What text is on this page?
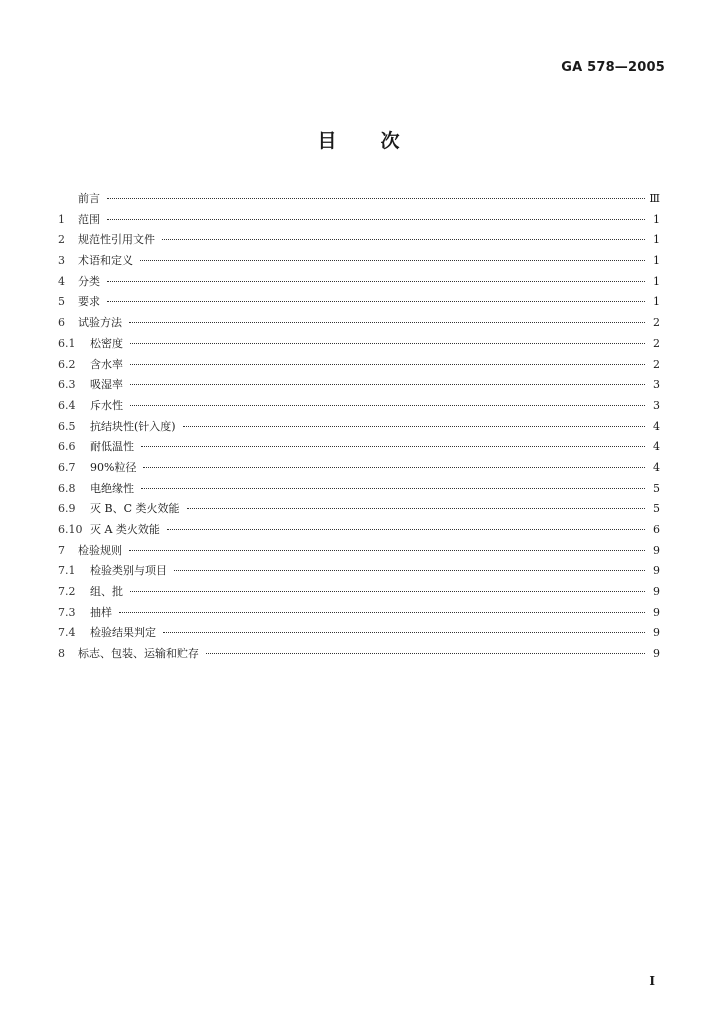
GA 578—2005
目 次
前言	Ⅲ
1	范围	1
2	规范性引用文件	1
3	术语和定义	1
4	分类	1
5	要求	1
6	试验方法	2
6.1	松密度	2
6.2	含水率	2
6.3	吸湿率	3
6.4	斥水性	3
6.5	抗结块性(针入度)	4
6.6	耐低温性	4
6.7	90%粒径	4
6.8	电绝缘性	5
6.9	灭 B、C 类火效能	5
6.10 灭 A 类火效能	6
7	检验规则	9
7.1	检验类别与项目	9
7.2	组、批	9
7.3	抽样	9
7.4	检验结果判定	9
8	标志、包装、运输和贮存	9
I
